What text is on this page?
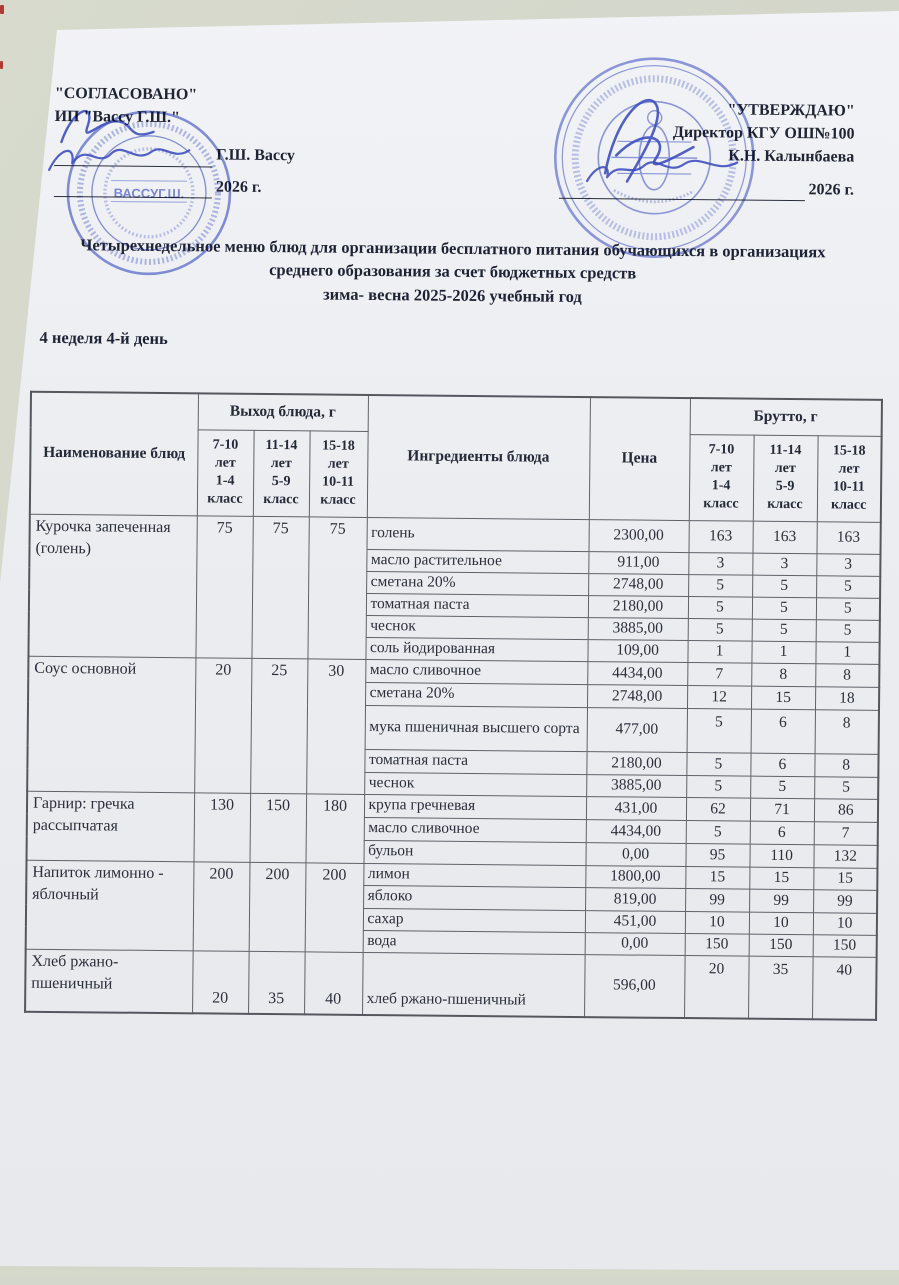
"СОГЛАСОВАНО"
ИП "Вассу Г.Ш."
Г.Ш. Вассу
2026 г.
"УТВЕРЖДАЮ"
Директор КГУ ОШ№100
К.Н. Калынбаева
2026 г.
ВАССУГ.Ш.
Четырехнедельное меню блюд для организации бесплатного питания обучающихся в организациях
среднего образования за счет бюджетных средств
зима- весна 2025-2026 учебный год
4 неделя 4-й день
Наименование блюд	Выход блюда, г			Ингредиенты блюда	Цена	Брутто, г		
	7-10 лет
1-4
класс	11-14
лет
5-9
класс	15-18
лет
10-11
класс			7-10
лет
1-4
класс	11-14
лет
5-9
класс	15-18
лет
10-11
класс
Курочка запеченная (голень)	75	75	75	голень	2300,00	163	163	163
				масло растительное	911,00	3	3	3
				сметана 20%	2748,00	5	5	5
				томатная паста	2180,00	5	5	5
				чеснок	3885,00	5	5	5
				соль йодированная	109,00	1	1	1
Соус основной	20	25	30	масло сливочное	4434,00	7	8	8
				сметана 20%	2748,00	12	15	18
				мука пшеничная высшего сорта	477,00	5	6	8
				томатная паста	2180,00	5	6	8
				чеснок	3885,00	5	5	5
Гарнир: гречка рассыпчатая	130	150	180	крупа гречневая	431,00	62	71	86
				масло сливочное	4434,00	5	6	7
				бульон	0,00	95	110	132
Напиток лимонно - яблочный	200	200	200	лимон	1800,00	15	15	15
				яблоко	819,00	99	99	99
				сахар	451,00	10	10	10
				вода	0,00	150	150	150
Хлеб ржано-пшеничный	20	35	40	хлеб ржано-пшеничный	596,00	20	35	40
